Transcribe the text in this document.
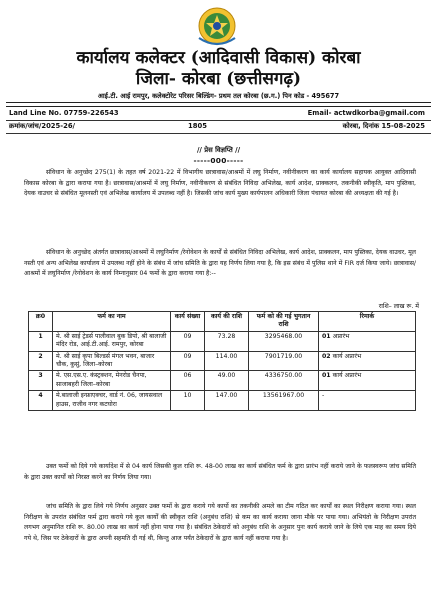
कार्यालय कलेक्टर (आदिवासी विकास) कोरबा
जिला- कोरबा (छत्तीसगढ़)
आई.टी. आई रामपुर, कलेक्टोरेट परिसर बिल्डिंग- प्रथम तल कोरबा (छ.ग.) पिन कोड - 495677
Land Line No. 07759-226543	Email- actwdkorba@gmail.com
क्रमांक/जांच/2025-26/	1805	कोरबा, दिनांक 15-08-2025
// प्रेस विज्ञप्ति //
-----000-----
संविधान के अनुच्छेद 275(1) के तहत वर्ष 2021-22 में विभागीय छात्रावास/आश्रमों में लघु निर्माण, नवीनीकरण का कार्य कार्यालय सहायक आयुक्त आदिवासी विकास कोरबा के द्वारा कराया गया है। छात्रावास/आश्रमों में लघु निर्माण, नवीनीकरण से संबंधित निविदा अभिलेख, कार्य आदेश, प्राक्कलन, तकनीकी स्वीकृति, माप पुस्तिका, देयक वाउचर से संबंधित मूलनस्ती एवं अभिलेख कार्यालय में उपलब्ध नहीं है। जिसकी जांच कार्य मुख्य कार्यपालन अधिकारी जिला पंचायत कोरबा की अध्यक्षता की गई है।
संविधान के अनुच्छेद अंतर्गत छात्रावास/आश्रमों में लघुनिर्माण /रेनोवेशन के कार्यों से संबंधित निविदा अभिलेख, कार्य आदेश, प्राक्कलन, माप पुस्तिका, देयक वाउचर, मूल नस्ती एवं अन्य अभिलेख कार्यालय में उपलब्ध नहीं होने के संबंध में जांच समिति के द्वारा यह निर्णय लिया गया है, कि इस संबंध में पुलिस थाने में FIR दर्ज किया जाये। छात्रावास/आश्रमों में लघुनिर्माण /रेनोवेशन के कार्य निम्नानुसार 04 फर्मो के द्वारा कराया गया है:--
राशि– लाख रू. में
क्र0	फर्म का नाम	कार्य संख्या	कार्य की राशि	फर्म को की गई भुगतान राशि	रिमार्क
1	मे. श्री साई ट्रेडर्स पालीवाल बुक डिपो, श्री बालाजी मंदिर रोड, आई.टी.आई. रामपुर, कोरबा	09	73.28	3295468.00	01 अप्रारंभ
2	मे. श्री साई कृपा बिल्डर्स मंगल भवन, बाजार चौक, कुसुं, जिला–कोरबा	09	114.00	7901719.00	02 कार्य अप्रारंभ
3	मे. एस.एस.ए. कंस्ट्रक्शन, मेनरोड चैनपा, साजाबहरी जिला–कोरबा	06	49.00	4336750.00	01 कार्य अप्रारंभ
4	मे.बालाजी इन्फ्राएक्चर, वार्ड नं. 06, जायसवाल हाउस, राजीव नगर कटघोरा	10	147.00	13561967.00	-
उक्त फर्मो को दिये गये कार्यादेश में से 04 कार्य जिसकी कुल राशि रू. 48-00 लाख का कार्य संबंधित फर्म के द्वारा प्रारंभ नहीं कराये जाने के फलस्वरूप जांच समिति के द्वारा उक्त कार्यों को निरस्त करने का निर्णय लिया गया।
जांच समिति के द्वारा लिये गये निर्णय अनुसार उक्त फर्मो के द्वारा कराये गये कार्यो का तकनीकी अमले का टीम गठित कर कार्यों का स्थल निरीक्षण कराया गया। स्थल निरीक्षण के उपरांत संबंधित फर्म द्वारा कराये गये कुल कार्यों की स्वीकृत राशि (अनुबंध राशि) से कम का कार्य कराया जाना मौके पर पाया गया। अभियंतो के निरीक्षण उपरांत लगभग अनुमानित राशि रू. 80.00 लाख का कार्य नहीं होना पाया गया है। संबंधित ठेकेदारों को अनुबंध राशि के अनुसार पुनः कार्य कराये जाने के लिये एक माह का समय दिये गये थे, जिस पर ठेकेदारों के द्वारा अपनी सहमति दी गई थी, किन्तु आज पर्यंत ठेकेदारों के द्वारा कार्य नहीं कराया गया है।
